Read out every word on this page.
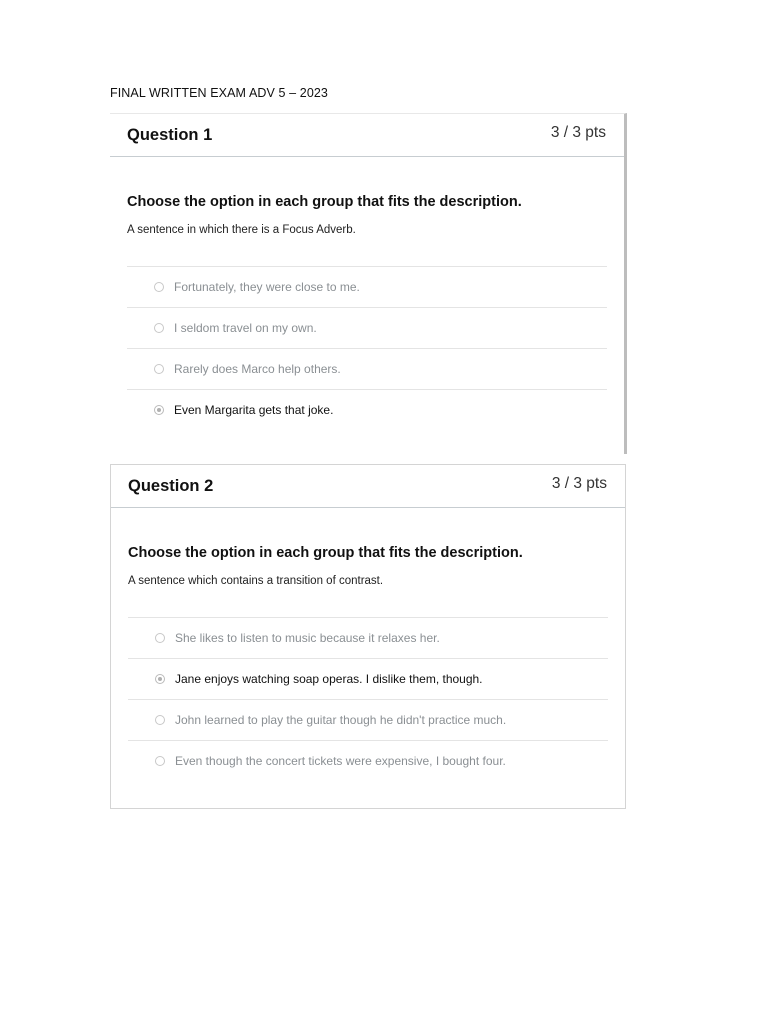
FINAL WRITTEN EXAM ADV 5 – 2023
Question 1	3 / 3 pts
Choose the option in each group that fits the description.
A sentence in which there is a Focus Adverb.
Fortunately, they were close to me.
I seldom travel on my own.
Rarely does Marco help others.
Even Margarita gets that joke.
Question 2	3 / 3 pts
Choose the option in each group that fits the description.
A sentence which contains a transition of contrast.
She likes to listen to music because it relaxes her.
Jane enjoys watching soap operas. I dislike them, though.
John learned to play the guitar though he didn't practice much.
Even though the concert tickets were expensive, I bought four.
